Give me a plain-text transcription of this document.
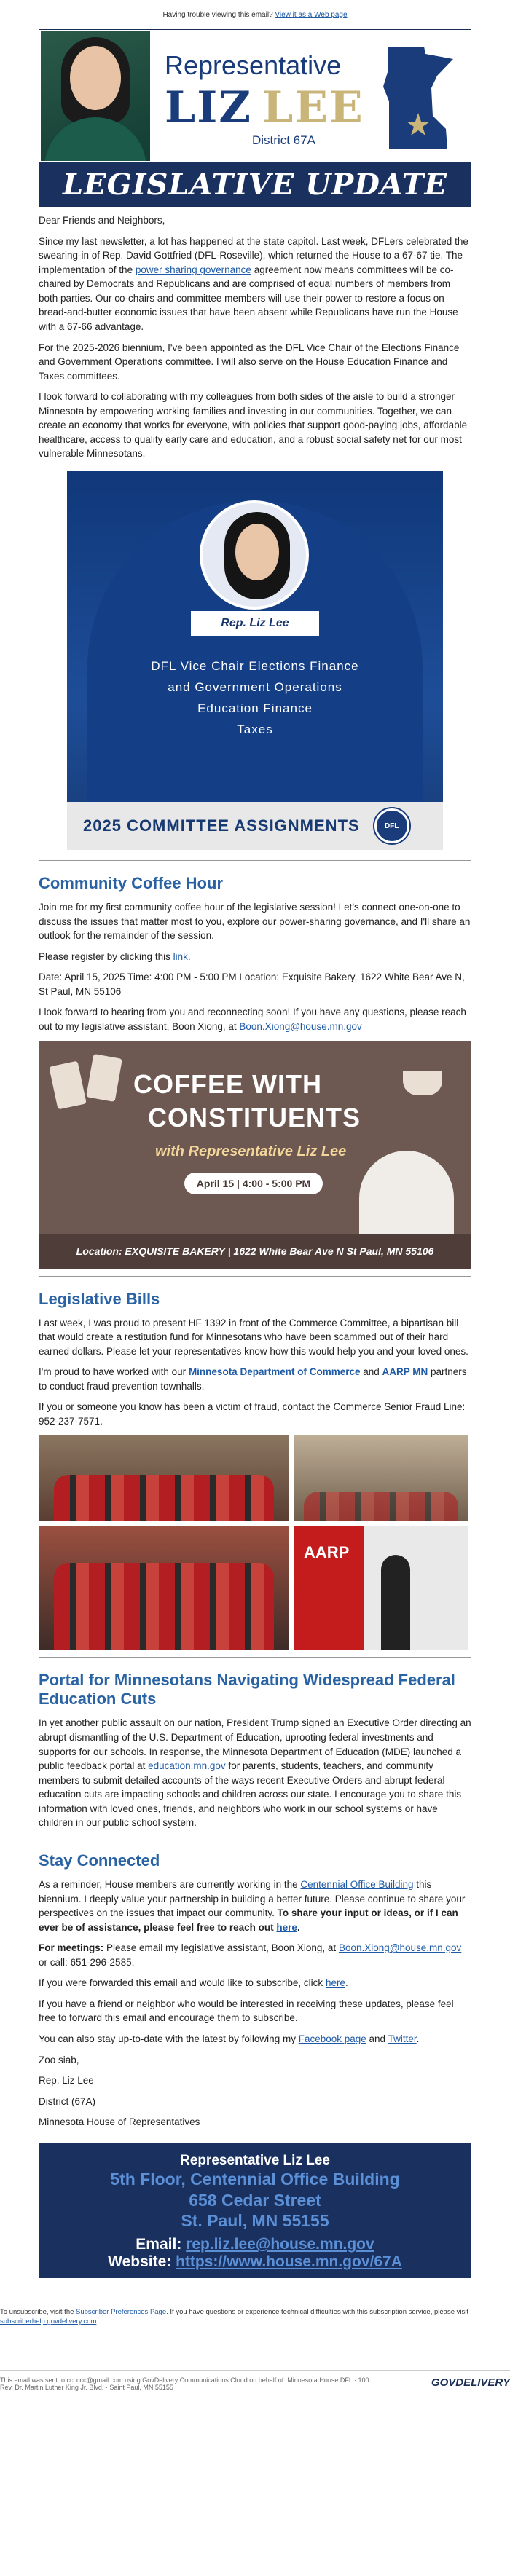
Having trouble viewing this email?
View it as a Web page
Representative
LIZ LEE
District 67A
LEGISLATIVE UPDATE

Dear Friends and Neighbors,

Since my last newsletter, a lot has happened at the state capitol. Last week, DFLers celebrated the swearing-in of Rep. David Gottfried (DFL-Roseville), which returned the House to a 67-67 tie. The implementation of the power sharing governance agreement now means committees will be co-chaired by Democrats and Republicans and are comprised of equal numbers of members from both parties. Our co-chairs and committee members will use their power to restore a focus on bread-and-butter economic issues that have been absent while Republicans have run the House with a 67-66 advantage.

For the 2025-2026 biennium, I've been appointed as the DFL Vice Chair of the Elections Finance and Government Operations committee. I will also serve on the House Education Finance and Taxes committees.

I look forward to collaborating with my colleagues from both sides of the aisle to build a stronger Minnesota by empowering working families and investing in our communities. Together, we can create an economy that works for everyone, with policies that support good-paying jobs, affordable healthcare, access to quality early care and education, and a robust social safety net for our most vulnerable Minnesotans.

Rep. Liz Lee
DFL Vice Chair Elections Finance
and Government Operations
Education Finance
Taxes
2025 COMMITTEE ASSIGNMENTS	DFL
Community Coffee Hour

Join me for my first community coffee hour of the legislative session! Let's connect one-on-one to discuss the issues that matter most to you, explore our power-sharing governance, and I'll share an outlook for the remainder of the session.

Please register by clicking this link.

Date: April 15, 2025 Time: 4:00 PM - 5:00 PM Location: Exquisite Bakery, 1622 White Bear Ave N, St Paul, MN 55106

I look forward to hearing from you and reconnecting soon! If you have any questions, please reach out to my legislative assistant, Boon Xiong, at Boon.Xiong@house.mn.gov

COFFEE WITH
CONSTITUENTS
with Representative Liz Lee
April 15 | 4:00 - 5:00 PM
Location: EXQUISITE BAKERY | 1622 White Bear Ave N St Paul, MN 55106
Legislative Bills

Last week, I was proud to present HF 1392 in front of the Commerce Committee, a bipartisan bill that would create a restitution fund for Minnesotans who have been scammed out of their hard earned dollars. Please let your representatives know how this would help you and your loved ones.

I'm proud to have worked with our Minnesota Department of Commerce and AARP MN partners to conduct fraud prevention townhalls.

If you or someone you know has been a victim of fraud, contact the Commerce Senior Fraud Line: 952-237-7571.

AARP
Portal for Minnesotans Navigating Widespread Federal Education Cuts

In yet another public assault on our nation, President Trump signed an Executive Order directing an abrupt dismantling of the U.S. Department of Education, uprooting federal investments and supports for our schools. In response, the Minnesota Department of Education (MDE) launched a public feedback portal at education.mn.gov for parents, students, teachers, and community members to submit detailed accounts of the ways recent Executive Orders and abrupt federal education cuts are impacting schools and children across our state. I encourage you to share this information with loved ones, friends, and neighbors who work in our school systems or have children in our public school system.

Stay Connected

As a reminder, House members are currently working in the Centennial Office Building this biennium. I deeply value your partnership in building a better future. Please continue to share your perspectives on the issues that impact our community. To share your input or ideas, or if I can ever be of assistance, please feel free to reach out here.

For meetings: Please email my legislative assistant, Boon Xiong, at Boon.Xiong@house.mn.gov or call: 651-296-2585.

If you were forwarded this email and would like to subscribe, click here.

If you have a friend or neighbor who would be interested in receiving these updates, please feel free to forward this email and encourage them to subscribe.

You can also stay up-to-date with the latest by following my Facebook page and Twitter.

Zoo siab,

Rep. Liz Lee

District (67A)

Minnesota House of Representatives

Representative Liz Lee
5th Floor, Centennial Office Building
658 Cedar Street
St. Paul, MN 55155
Email: rep.liz.lee@house.mn.gov
Website: https://www.house.mn.gov/67A
To unsubscribe, visit the Subscriber Preferences Page. If you have questions or experience technical difficulties with this subscription service, please visit subscriberhelp.govdelivery.com.
This email was sent to cccccc@gmail.com using GovDelivery Communications Cloud on behalf of: Minnesota House DFL · 100
Rev. Dr. Martin Luther King Jr. Blvd. · Saint Paul, MN 55155	GOVDELIVERY
